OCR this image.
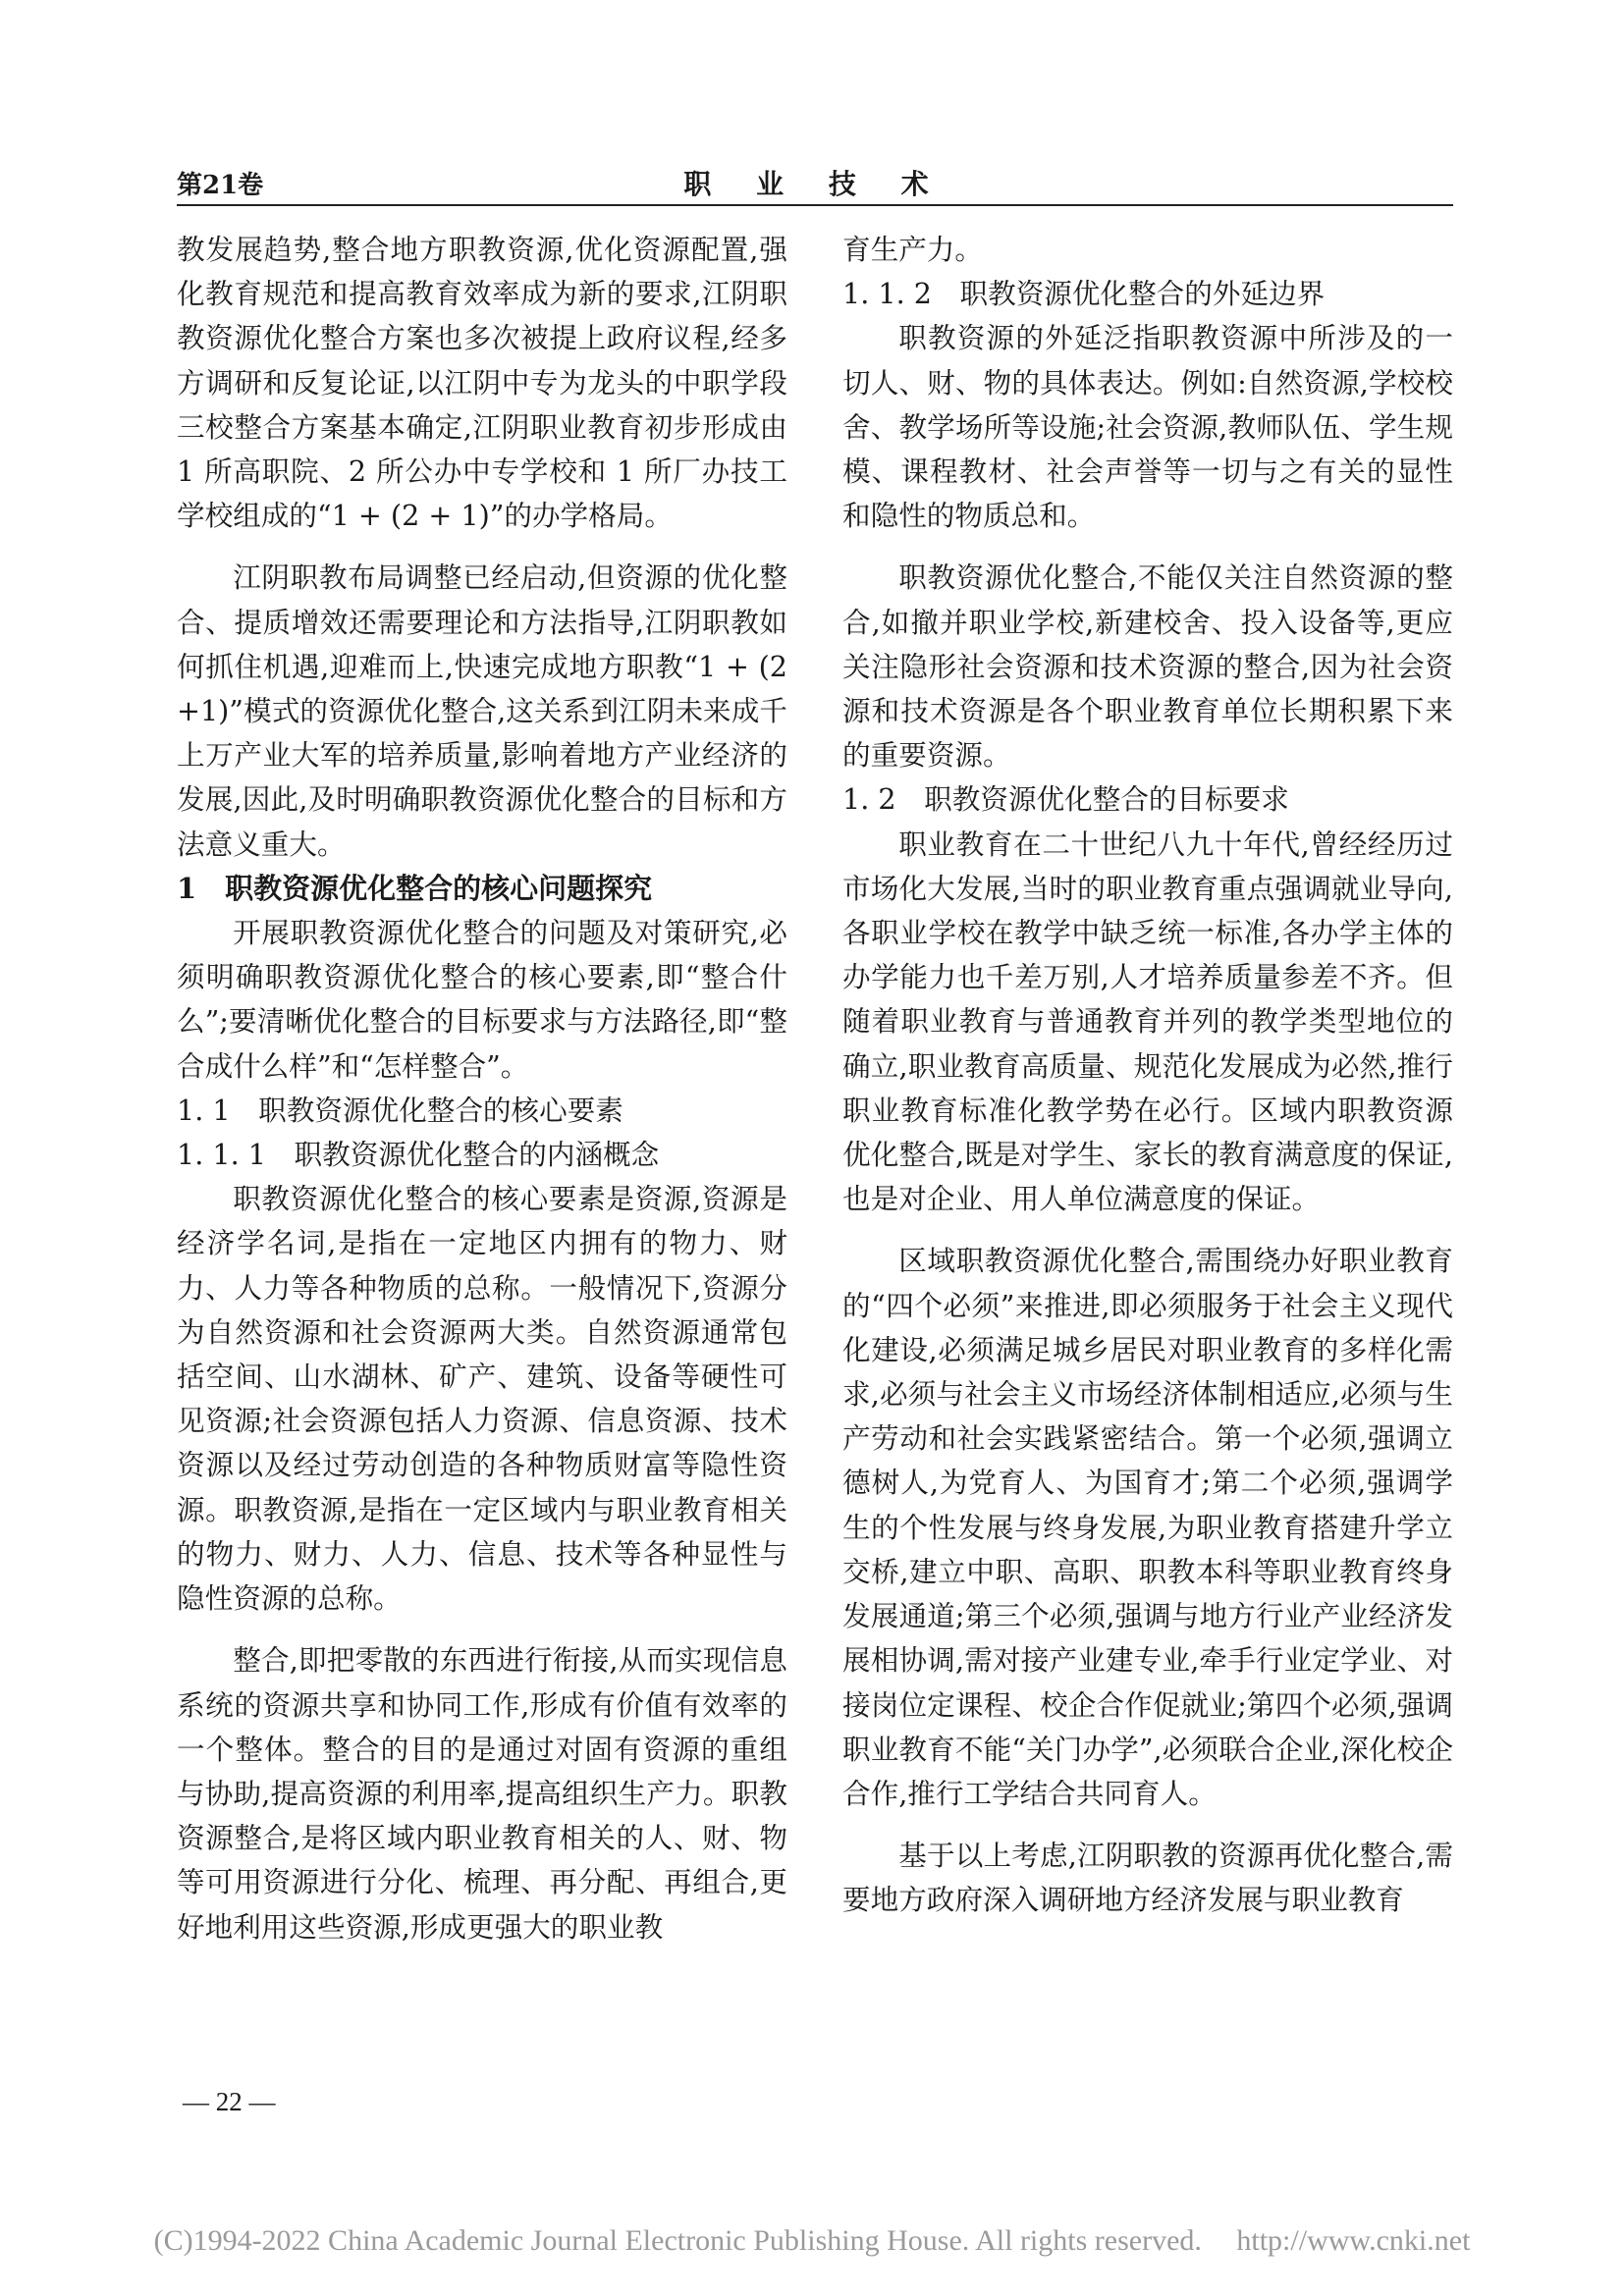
第21卷	职 业 技 术

教发展趋势,整合地方职教资源,优化资源配置,强化教育规范和提高教育效率成为新的要求,江阴职教资源优化整合方案也多次被提上政府议程,经多方调研和反复论证,以江阴中专为龙头的中职学段三校整合方案基本确定,江阴职业教育初步形成由 1 所高职院、2 所公办中专学校和 1 所厂办技工学校组成的“1 + (2 + 1)”的办学格局。

江阴职教布局调整已经启动,但资源的优化整合、提质增效还需要理论和方法指导,江阴职教如何抓住机遇,迎难而上,快速完成地方职教“1 + (2 +1)”模式的资源优化整合,这关系到江阴未来成千上万产业大军的培养质量,影响着地方产业经济的发展,因此,及时明确职教资源优化整合的目标和方法意义重大。

1　职教资源优化整合的核心问题探究

开展职教资源优化整合的问题及对策研究,必须明确职教资源优化整合的核心要素,即“整合什么”;要清晰优化整合的目标要求与方法路径,即“整合成什么样”和“怎样整合”。

1. 1　职教资源优化整合的核心要素

1. 1. 1　职教资源优化整合的内涵概念

职教资源优化整合的核心要素是资源,资源是经济学名词,是指在一定地区内拥有的物力、财力、人力等各种物质的总称。一般情况下,资源分为自然资源和社会资源两大类。自然资源通常包括空间、山水湖林、矿产、建筑、设备等硬性可见资源;社会资源包括人力资源、信息资源、技术资源以及经过劳动创造的各种物质财富等隐性资源。职教资源,是指在一定区域内与职业教育相关的物力、财力、人力、信息、技术等各种显性与隐性资源的总称。

整合,即把零散的东西进行衔接,从而实现信息系统的资源共享和协同工作,形成有价值有效率的一个整体。整合的目的是通过对固有资源的重组与协助,提高资源的利用率,提高组织生产力。职教资源整合,是将区域内职业教育相关的人、财、物等可用资源进行分化、梳理、再分配、再组合,更好地利用这些资源,形成更强大的职业教

育生产力。

1. 1. 2　职教资源优化整合的外延边界

职教资源的外延泛指职教资源中所涉及的一切人、财、物的具体表达。例如:自然资源,学校校舍、教学场所等设施;社会资源,教师队伍、学生规模、课程教材、社会声誉等一切与之有关的显性和隐性的物质总和。

职教资源优化整合,不能仅关注自然资源的整合,如撤并职业学校,新建校舍、投入设备等,更应关注隐形社会资源和技术资源的整合,因为社会资源和技术资源是各个职业教育单位长期积累下来的重要资源。

1. 2　职教资源优化整合的目标要求

职业教育在二十世纪八九十年代,曾经经历过市场化大发展,当时的职业教育重点强调就业导向,各职业学校在教学中缺乏统一标准,各办学主体的办学能力也千差万别,人才培养质量参差不齐。但随着职业教育与普通教育并列的教学类型地位的确立,职业教育高质量、规范化发展成为必然,推行职业教育标准化教学势在必行。区域内职教资源优化整合,既是对学生、家长的教育满意度的保证,也是对企业、用人单位满意度的保证。

区域职教资源优化整合,需围绕办好职业教育的“四个必须”来推进,即必须服务于社会主义现代化建设,必须满足城乡居民对职业教育的多样化需求,必须与社会主义市场经济体制相适应,必须与生产劳动和社会实践紧密结合。第一个必须,强调立德树人,为党育人、为国育才;第二个必须,强调学生的个性发展与终身发展,为职业教育搭建升学立交桥,建立中职、高职、职教本科等职业教育终身发展通道;第三个必须,强调与地方行业产业经济发展相协调,需对接产业建专业,牵手行业定学业、对接岗位定课程、校企合作促就业;第四个必须,强调职业教育不能“关门办学”,必须联合企业,深化校企合作,推行工学结合共同育人。

基于以上考虑,江阴职教的资源再优化整合,需要地方政府深入调研地方经济发展与职业教育

— 22 —
(C)1994-2022 China Academic Journal Electronic Publishing House. All rights reserved. http://www.cnki.net
